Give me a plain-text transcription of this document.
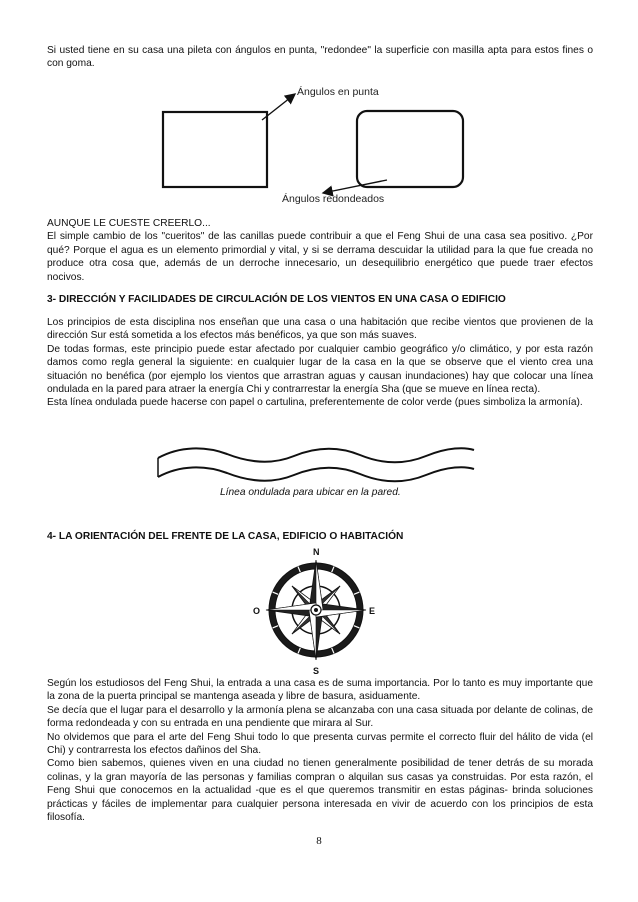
Si usted tiene en su casa una pileta con ángulos en punta, "redondee" la superficie con masilla apta para estos fines o con goma.

Ángulos en punta
Ángulos redondeados

AUNQUE LE CUESTE CREERLO...

El simple cambio de los "cueritos" de las canillas puede contribuir a que el Feng Shui de una casa sea positivo. ¿Por qué? Porque el agua es un elemento primordial y vital, y si se derrama descuidar la utilidad para la que fue creada no produce otra cosa que, además de un derroche innecesario, un desequilibrio energético que puede traer efectos nocivos.

3- DIRECCIÓN Y FACILIDADES DE CIRCULACIÓN DE LOS VIENTOS EN UNA CASA O EDIFICIO

Los principios de esta disciplina nos enseñan que una casa o una habitación que recibe vientos que provienen de la dirección Sur está sometida a los efectos más benéficos, ya que son más suaves.

De todas formas, este principio puede estar afectado por cualquier cambio geográfico y/o climático, y por esta razón damos como regla general la siguiente: en cualquier lugar de la casa en la que se observe que el viento crea una situación no benéfica (por ejemplo los vientos que arrastran aguas y causan inundaciones) hay que colocar una línea ondulada en la pared para atraer la energía Chi y contrarrestar la energía Sha (que se mueve en línea recta).

Esta línea ondulada puede hacerse con papel o cartulina, preferentemente de color verde (pues simboliza la armonía).

Línea ondulada para ubicar en la pared.
4- LA ORIENTACIÓN DEL FRENTE DE LA CASA, EDIFICIO O HABITACIÓN
N
S
E
O

Según los estudiosos del Feng Shui, la entrada a una casa es de suma importancia. Por lo tanto es muy importante que la zona de la puerta principal se mantenga aseada y libre de basura, asiduamente.

Se decía que el lugar para el desarrollo y la armonía plena se alcanzaba con una casa situada por delante de colinas, de forma redondeada y con su entrada en una pendiente que mirara al Sur.

No olvidemos que para el arte del Feng Shui todo lo que presenta curvas permite el correcto fluir del hálito de vida (el Chi) y contrarresta los efectos dañinos del Sha.

Como bien sabemos, quienes viven en una ciudad no tienen generalmente posibilidad de tener detrás de su morada colinas, y la gran mayoría de las personas y familias compran o alquilan sus casas ya construidas. Por esta razón, el Feng Shui que conocemos en la actualidad -que es el que queremos transmitir en estas páginas- brinda soluciones prácticas y fáciles de implementar para cualquier persona interesada en vivir de acuerdo con los principios de esta filosofía.

8
